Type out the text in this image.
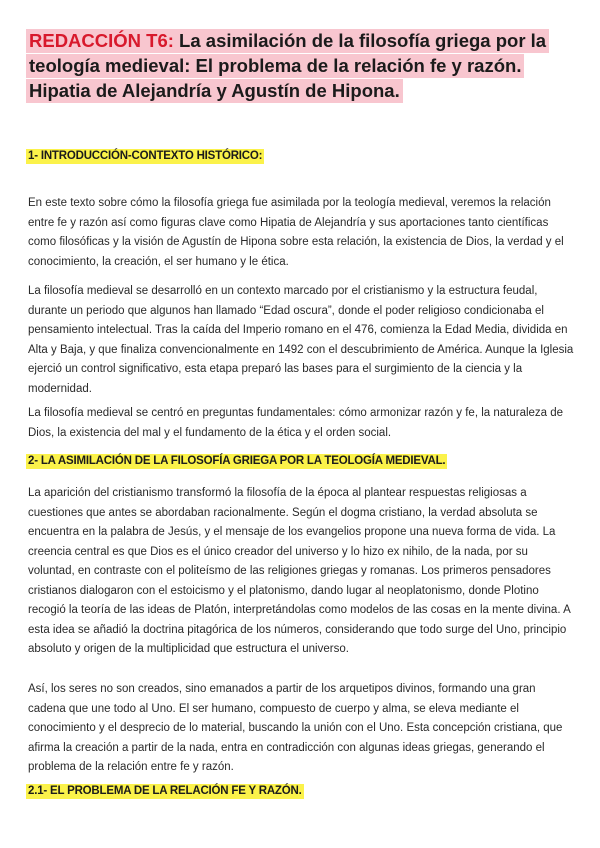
REDACCIÓN T6: La asimilación de la filosofía griega por la teología medieval: El problema de la relación fe y razón. Hipatia de Alejandría y Agustín de Hipona.
1- INTRODUCCIÓN-CONTEXTO HISTÓRICO:

En este texto sobre cómo la filosofía griega fue asimilada por la teología medieval, veremos la relación entre fe y razón así como figuras clave como Hipatia de Alejandría y sus aportaciones tanto científicas como filosóficas y la visión de Agustín de Hipona sobre esta relación, la existencia de Dios, la verdad y el conocimiento, la creación, el ser humano y le ética.

La filosofía medieval se desarrolló en un contexto marcado por el cristianismo y la estructura feudal, durante un periodo que algunos han llamado “Edad oscura”, donde el poder religioso condicionaba el pensamiento intelectual. Tras la caída del Imperio romano en el 476, comienza la Edad Media, dividida en Alta y Baja, y que finaliza convencionalmente en 1492 con el descubrimiento de América. Aunque la Iglesia ejerció un control significativo, esta etapa preparó las bases para el surgimiento de la ciencia y la modernidad.

La filosofía medieval se centró en preguntas fundamentales: cómo armonizar razón y fe, la naturaleza de Dios, la existencia del mal y el fundamento de la ética y el orden social.

2- LA ASIMILACIÓN DE LA FILOSOFÍA GRIEGA POR LA TEOLOGÍA MEDIEVAL.

La aparición del cristianismo transformó la filosofía de la época al plantear respuestas religiosas a cuestiones que antes se abordaban racionalmente. Según el dogma cristiano, la verdad absoluta se encuentra en la palabra de Jesús, y el mensaje de los evangelios propone una nueva forma de vida. La creencia central es que Dios es el único creador del universo y lo hizo ex nihilo, de la nada, por su voluntad, en contraste con el politeísmo de las religiones griegas y romanas. Los primeros pensadores cristianos dialogaron con el estoicismo y el platonismo, dando lugar al neoplatonismo, donde Plotino recogió la teoría de las ideas de Platón, interpretándolas como modelos de las cosas en la mente divina. A esta idea se añadió la doctrina pitagórica de los números, considerando que todo surge del Uno, principio absoluto y origen de la multiplicidad que estructura el universo.

Así, los seres no son creados, sino emanados a partir de los arquetipos divinos, formando una gran cadena que une todo al Uno. El ser humano, compuesto de cuerpo y alma, se eleva mediante el conocimiento y el desprecio de lo material, buscando la unión con el Uno. Esta concepción cristiana, que afirma la creación a partir de la nada, entra en contradicción con algunas ideas griegas, generando el problema de la relación entre fe y razón.

2.1- EL PROBLEMA DE LA RELACIÓN FE Y RAZÓN.
